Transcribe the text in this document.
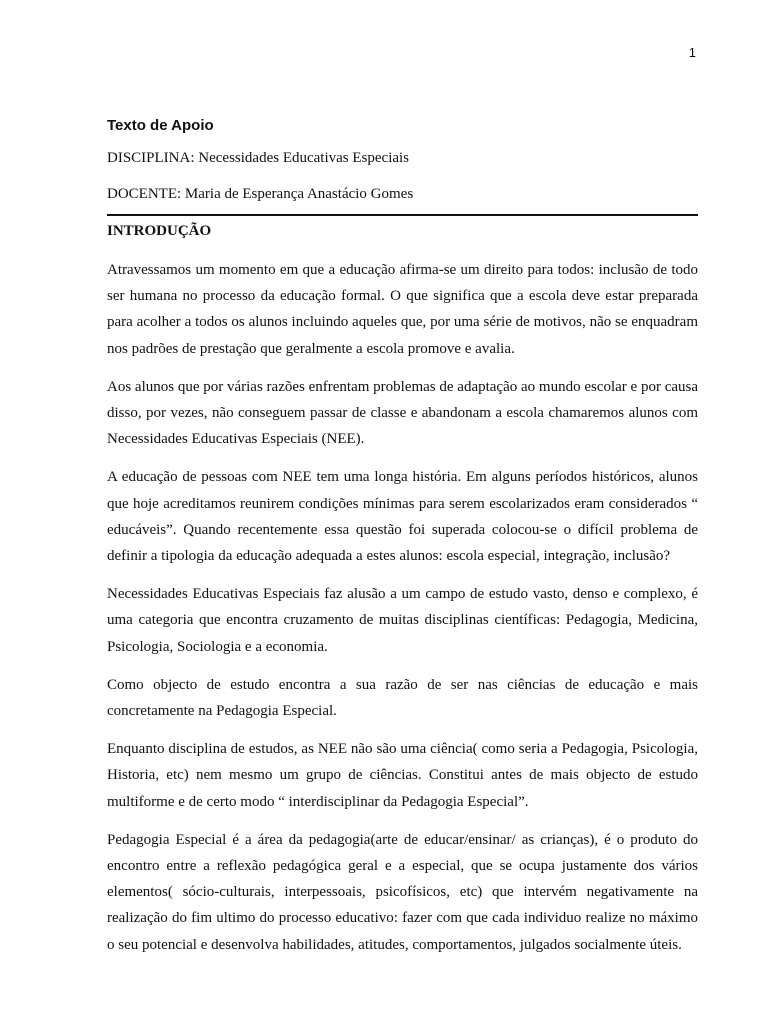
1
Texto de Apoio

DISCIPLINA: Necessidades Educativas Especiais

DOCENTE: Maria de Esperança Anastácio Gomes

INTRODUÇÃO

Atravessamos um momento em que a educação afirma-se um direito para todos: inclusão de todo ser humana no processo da educação formal. O que significa que a escola deve estar preparada para acolher a todos os alunos incluindo aqueles que, por uma série de motivos, não se enquadram nos padrões de prestação que geralmente a escola promove e avalia.

Aos alunos que por várias razões enfrentam problemas de adaptação ao mundo escolar e por causa disso, por vezes, não conseguem passar de classe e abandonam a escola chamaremos alunos com Necessidades Educativas Especiais (NEE).

A educação de pessoas com NEE tem uma longa história. Em alguns períodos históricos, alunos que hoje acreditamos reunirem condições mínimas para serem escolarizados eram considerados “ educáveis”. Quando recentemente essa questão foi superada colocou-se o difícil problema de definir a tipologia da educação adequada a estes alunos: escola especial, integração, inclusão?

Necessidades Educativas Especiais faz alusão a um campo de estudo vasto, denso e complexo, é uma categoria que encontra cruzamento de muitas disciplinas científicas: Pedagogia, Medicina, Psicologia, Sociologia e a economia.

Como objecto de estudo encontra a sua razão de ser nas ciências de educação e mais concretamente na Pedagogia Especial.

Enquanto disciplina de estudos, as NEE não são uma ciência( como seria a Pedagogia, Psicologia, Historia, etc) nem mesmo um grupo de ciências. Constitui antes de mais objecto de estudo multiforme e de certo modo “ interdisciplinar da Pedagogia Especial”.

Pedagogia Especial é a área da pedagogia(arte de educar/ensinar/ as crianças), é o produto do encontro entre a reflexão pedagógica geral e a especial, que se ocupa justamente dos vários elementos( sócio-culturais, interpessoais, psicofísicos, etc) que intervém negativamente na realização do fim ultimo do processo educativo: fazer com que cada individuo realize no máximo o seu potencial e desenvolva habilidades, atitudes, comportamentos, julgados socialmente úteis.
